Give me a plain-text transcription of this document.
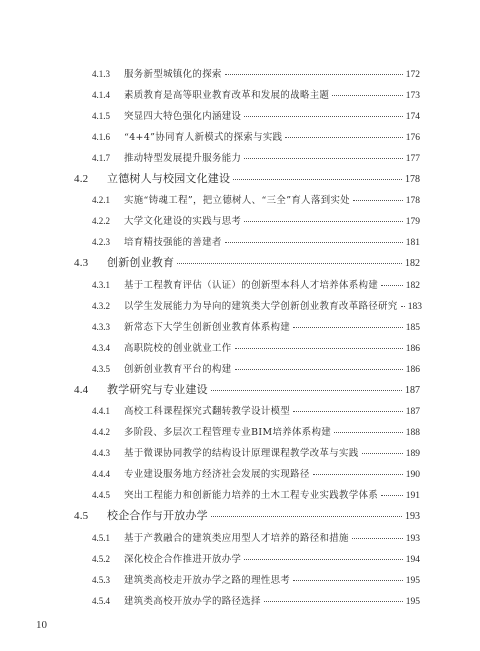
4.1.3	服务新型城镇化的探索	172
4.1.4	素质教育是高等职业教育改革和发展的战略主题	173
4.1.5	突显四大特色强化内涵建设	174
4.1.6	“4+4”协同育人新模式的探索与实践	176
4.1.7	推动特型发展提升服务能力	177
4.2	立德树人与校园文化建设	178
4.2.1	实施“铸魂工程”，把立德树人、“三全”育人落到实处	178
4.2.2	大学文化建设的实践与思考	179
4.2.3	培育精技强能的善建者	181
4.3	创新创业教育	182
4.3.1	基于工程教育评估（认证）的创新型本科人才培养体系构建	182
4.3.2	以学生发展能力为导向的建筑类大学创新创业教育改革路径研究 183
4.3.3	新常态下大学生创新创业教育体系构建	185
4.3.4	高职院校的创业就业工作	186
4.3.5	创新创业教育平台的构建	186
4.4	教学研究与专业建设	187
4.4.1	高校工科课程探究式翻转教学设计模型	187
4.4.2	多阶段、多层次工程管理专业BIM培养体系构建	188
4.4.3	基于微课协同教学的结构设计原理课程教学改革与实践	189
4.4.4	专业建设服务地方经济社会发展的实现路径	190
4.4.5	突出工程能力和创新能力培养的土木工程专业实践教学体系	191
4.5	校企合作与开放办学	193
4.5.1	基于产教融合的建筑类应用型人才培养的路径和措施	193
4.5.2	深化校企合作推进开放办学	194
4.5.3	建筑类高校走开放办学之路的理性思考	195
4.5.4	建筑类高校开放办学的路径选择	195
10
